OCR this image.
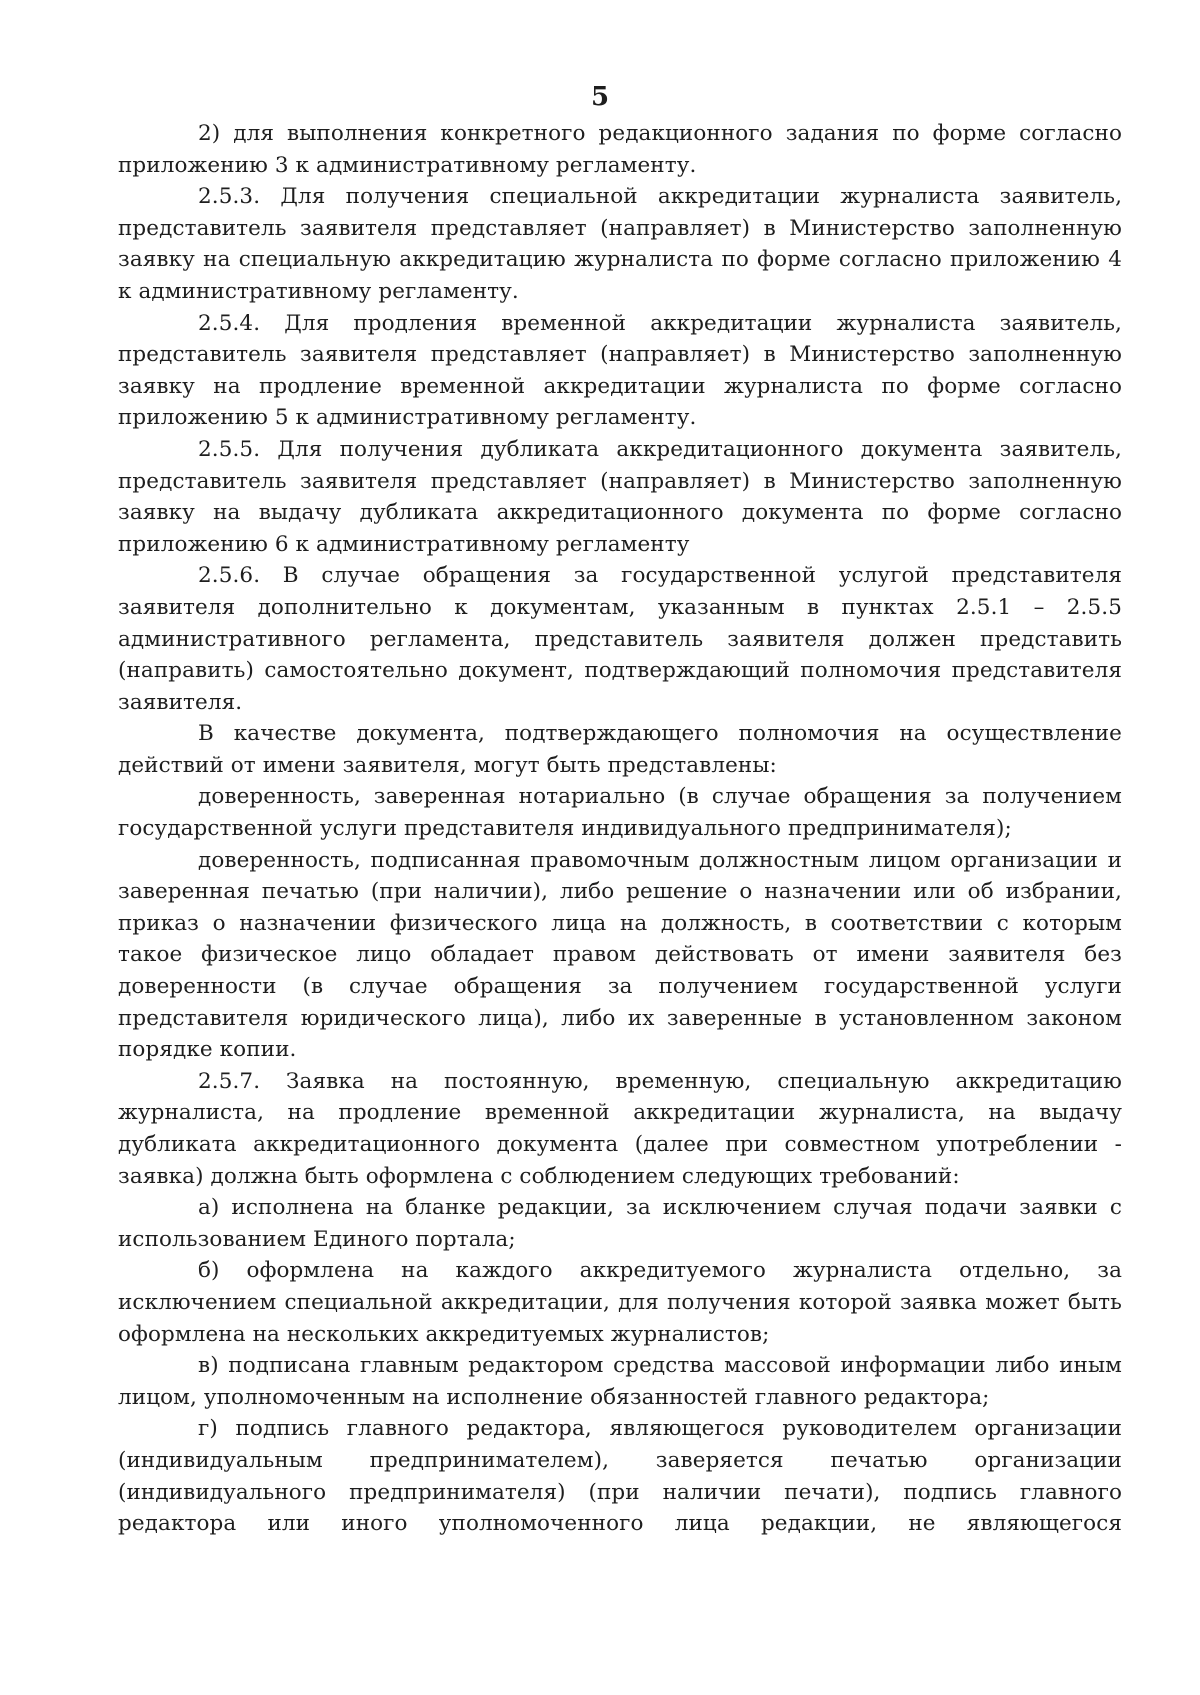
5

2) для выполнения конкретного редакционного задания по форме согласно приложению 3 к административному регламенту.

2.5.3. Для получения специальной аккредитации журналиста заявитель, представитель заявителя представляет (направляет) в Министерство заполненную заявку на специальную аккредитацию журналиста по форме согласно приложению 4 к административному регламенту.

2.5.4. Для продления временной аккредитации журналиста заявитель, представитель заявителя представляет (направляет) в Министерство заполненную заявку на продление временной аккредитации журналиста по форме согласно приложению 5 к административному регламенту.

2.5.5. Для получения дубликата аккредитационного документа заявитель, представитель заявителя представляет (направляет) в Министерство заполненную заявку на выдачу дубликата аккредитационного документа по форме согласно приложению 6 к административному регламенту

2.5.6. В случае обращения за государственной услугой представителя заявителя дополнительно к документам, указанным в пунктах 2.5.1 – 2.5.5 административного регламента, представитель заявителя должен представить (направить) самостоятельно документ, подтверждающий полномочия представителя заявителя.

В качестве документа, подтверждающего полномочия на осуществление действий от имени заявителя, могут быть представлены:

доверенность, заверенная нотариально (в случае обращения за получением государственной услуги представителя индивидуального предпринимателя);

доверенность, подписанная правомочным должностным лицом организации и заверенная печатью (при наличии), либо решение о назначении или об избрании, приказ о назначении физического лица на должность, в соответствии с которым такое физическое лицо обладает правом действовать от имени заявителя без доверенности (в случае обращения за получением государственной услуги представителя юридического лица), либо их заверенные в установленном законом порядке копии.

2.5.7. Заявка на постоянную, временную, специальную аккредитацию журналиста, на продление временной аккредитации журналиста, на выдачу дубликата аккредитационного документа (далее при совместном употреблении - заявка) должна быть оформлена с соблюдением следующих требований:

а) исполнена на бланке редакции, за исключением случая подачи заявки с использованием Единого портала;

б) оформлена на каждого аккредитуемого журналиста отдельно, за исключением специальной аккредитации, для получения которой заявка может быть оформлена на нескольких аккредитуемых журналистов;

в) подписана главным редактором средства массовой информации либо иным лицом, уполномоченным на исполнение обязанностей главного редактора;

г) подпись главного редактора, являющегося руководителем организации (индивидуальным предпринимателем), заверяется печатью организации (индивидуального предпринимателя) (при наличии печати), подпись главного редактора или иного уполномоченного лица редакции, не являющегося
